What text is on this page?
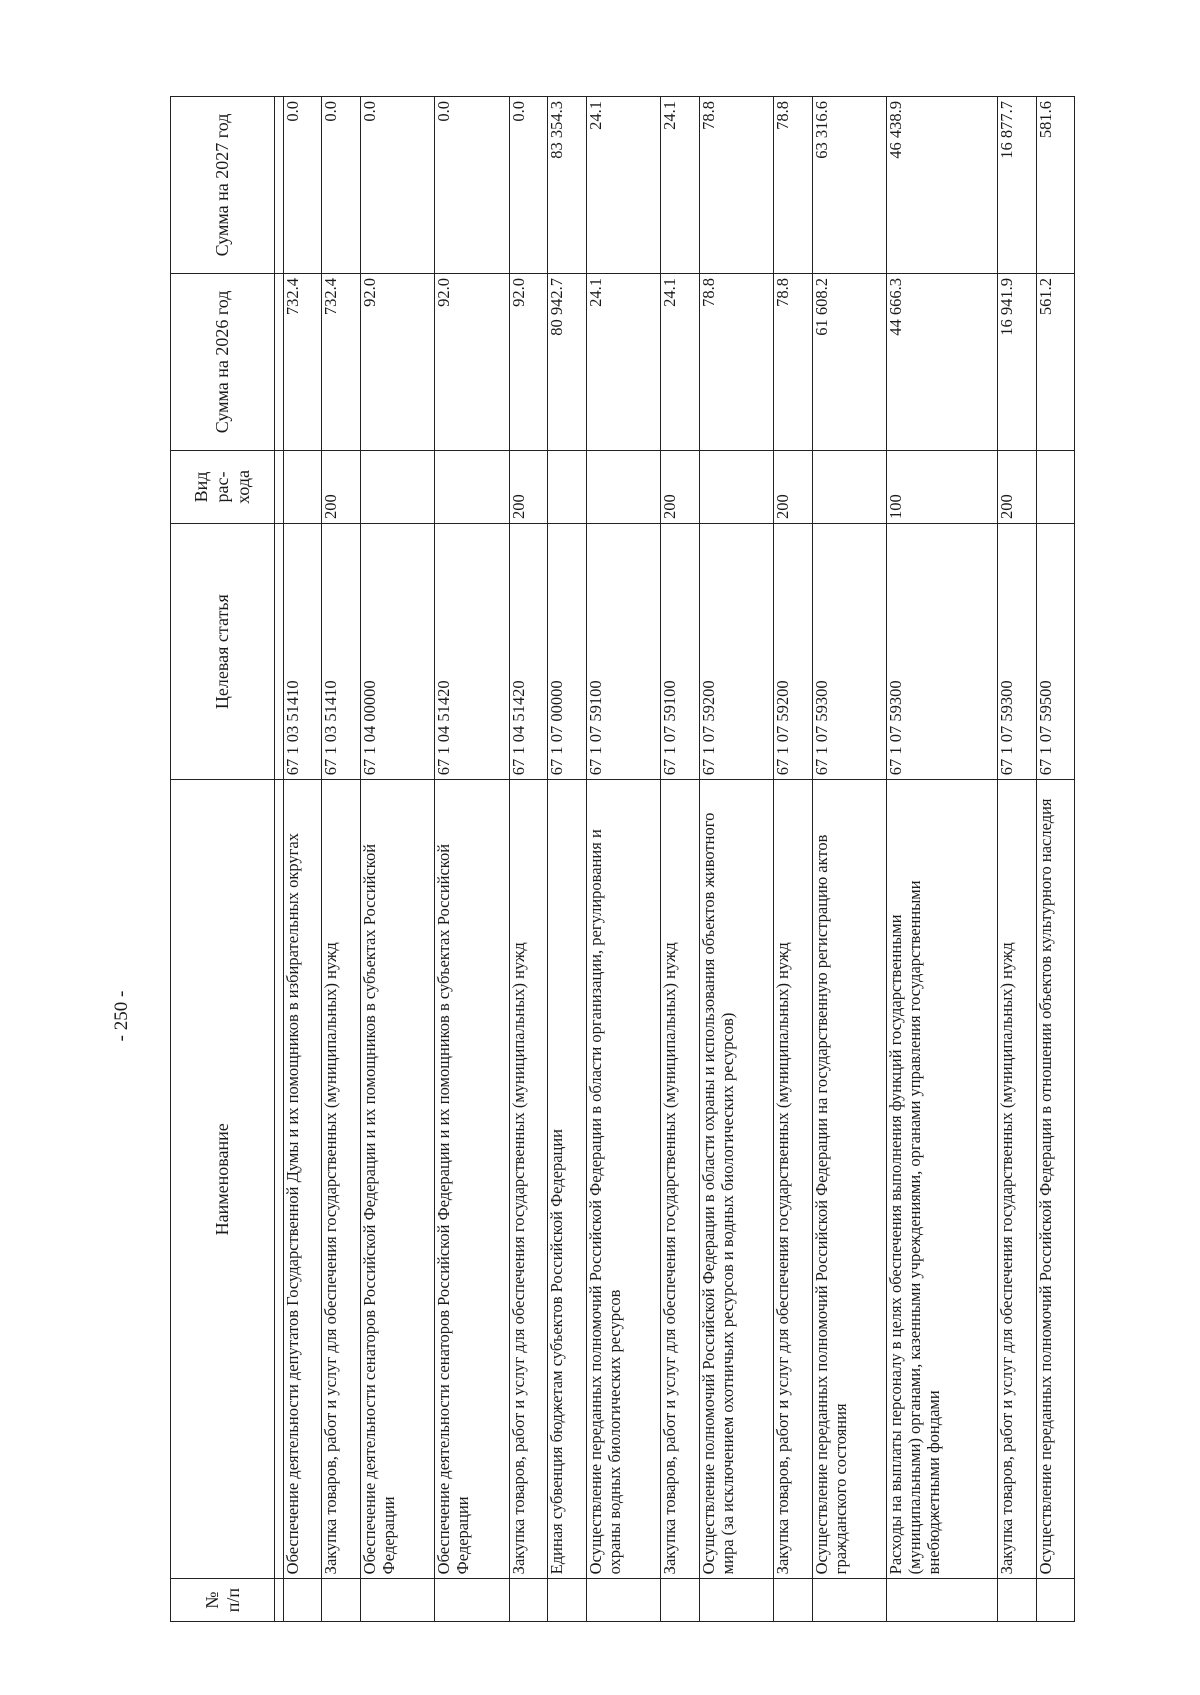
- 250 -
№ п/п	Наименование	Целевая статья	Вид рас-хода	Сумма на 2026 год	Сумма на 2027 год

	Обеспечение деятельности депутатов Государственной Думы и их помощников в избирательных округах	67 1 03 51410		732.4	0.0
	Закупка товаров, работ и услуг для обеспечения государственных (муниципальных) нужд	67 1 03 51410	200	732.4	0.0
	Обеспечение деятельности сенаторов Российской Федерации и их помощников в субъектах Российской Федерации	67 1 04 00000		92.0	0.0
	Обеспечение деятельности сенаторов Российской Федерации и их помощников в субъектах Российской Федерации	67 1 04 51420		92.0	0.0
	Закупка товаров, работ и услуг для обеспечения государственных (муниципальных) нужд	67 1 04 51420	200	92.0	0.0
	Единая субвенция бюджетам субъектов Российской Федерации	67 1 07 00000		80 942.7	83 354.3
	Осуществление переданных полномочий Российской Федерации в области организации, регулирования и охраны водных биологических ресурсов	67 1 07 59100		24.1	24.1
	Закупка товаров, работ и услуг для обеспечения государственных (муниципальных) нужд	67 1 07 59100	200	24.1	24.1
	Осуществление полномочий Российской Федерации в области охраны и использования объектов животного мира (за исключением охотничьих ресурсов и водных биологических ресурсов)	67 1 07 59200		78.8	78.8
	Закупка товаров, работ и услуг для обеспечения государственных (муниципальных) нужд	67 1 07 59200	200	78.8	78.8
	Осуществление переданных полномочий Российской Федерации на государственную регистрацию актов гражданского состояния	67 1 07 59300		61 608.2	63 316.6
	Расходы на выплаты персоналу в целях обеспечения выполнения функций государственными (муниципальными) органами, казенными учреждениями, органами управления государственными внебюджетными фондами	67 1 07 59300	100	44 666.3	46 438.9
	Закупка товаров, работ и услуг для обеспечения государственных (муниципальных) нужд	67 1 07 59300	200	16 941.9	16 877.7
	Осуществление переданных полномочий Российской Федерации в отношении объектов культурного наследия	67 1 07 59500		561.2	581.6
